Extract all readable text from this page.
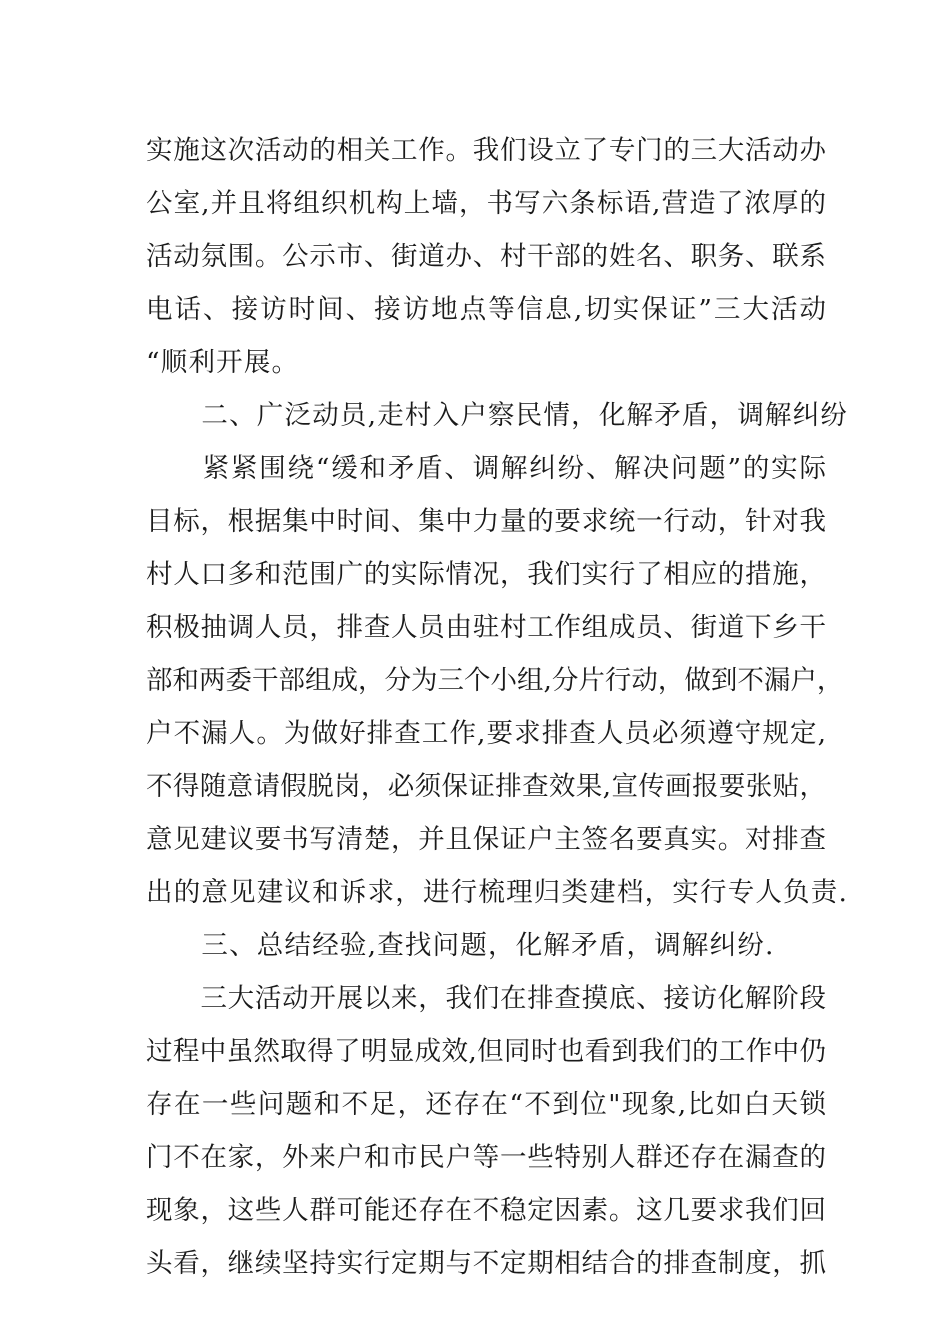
实施这次活动的相关工作。我们设立了专门的三大活动办
公室,并且将组织机构上墙，书写六条标语,营造了浓厚的
活动氛围。公示市、街道办、村干部的姓名、职务、联系
电话、接访时间、接访地点等信息,切实保证”三大活动
“顺利开展。
　　二、广泛动员,走村入户察民情，化解矛盾，调解纠纷
　　紧紧围绕“缓和矛盾、调解纠纷、解决问题”的实际
目标，根据集中时间、集中力量的要求统一行动，针对我
村人口多和范围广的实际情况，我们实行了相应的措施，
积极抽调人员，排查人员由驻村工作组成员、街道下乡干
部和两委干部组成，分为三个小组,分片行动，做到不漏户，
户不漏人。为做好排查工作,要求排查人员必须遵守规定,
不得随意请假脱岗，必须保证排查效果,宣传画报要张贴，
意见建议要书写清楚，并且保证户主签名要真实。对排查
出的意见建议和诉求，进行梳理归类建档，实行专人负责.
　　三、总结经验,查找问题，化解矛盾，调解纠纷.
　　三大活动开展以来，我们在排查摸底、接访化解阶段
过程中虽然取得了明显成效,但同时也看到我们的工作中仍
存在一些问题和不足，还存在“不到位"现象,比如白天锁
门不在家，外来户和市民户等一些特别人群还存在漏查的
现象，这些人群可能还存在不稳定因素。这几要求我们回
头看，继续坚持实行定期与不定期相结合的排查制度，抓
